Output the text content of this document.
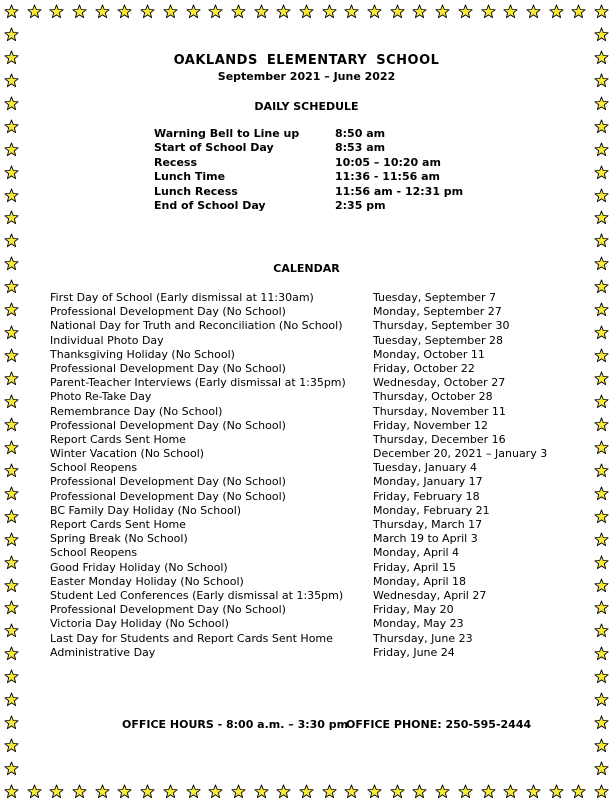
OAKLANDS ELEMENTARY SCHOOL
September 2021 – June 2022
DAILY SCHEDULE
Warning Bell to Line up	8:50 am
Start of School Day	8:53 am
Recess	10:05 – 10:20 am
Lunch Time	11:36 - 11:56 am
Lunch Recess	11:56 am - 12:31 pm
End of School Day	2:35 pm
CALENDAR
First Day of School (Early dismissal at 11:30am)	Tuesday, September 7
Professional Development Day (No School)	Monday, September 27
National Day for Truth and Reconciliation (No School)	Thursday, September 30
Individual Photo Day	Tuesday, September 28
Thanksgiving Holiday (No School)	Monday, October 11
Professional Development Day (No School)	Friday, October 22
Parent-Teacher Interviews (Early dismissal at 1:35pm) Wednesday, October 27
Photo Re-Take Day	Thursday, October 28
Remembrance Day (No School)	Thursday, November 11
Professional Development Day (No School)	Friday, November 12
Report Cards Sent Home	Thursday, December 16
Winter Vacation (No School)	December 20, 2021 – January 3
School Reopens	Tuesday, January 4
Professional Development Day (No School)	Monday, January 17
Professional Development Day (No School)	Friday, February 18
BC Family Day Holiday (No School)	Monday, February 21
Report Cards Sent Home	Thursday, March 17
Spring Break (No School)	March 19 to April 3
School Reopens	Monday, April 4
Good Friday Holiday (No School)	Friday, April 15
Easter Monday Holiday (No School)	Monday, April 18
Student Led Conferences (Early dismissal at 1:35pm)	Wednesday, April 27
Professional Development Day (No School)	Friday, May 20
Victoria Day Holiday (No School)	Monday, May 23
Last Day for Students and Report Cards Sent Home	Thursday, June 23
Administrative Day	Friday, June 24
OFFICE HOURS - 8:00 a.m. – 3:30 pm
OFFICE PHONE: 250-595-2444
